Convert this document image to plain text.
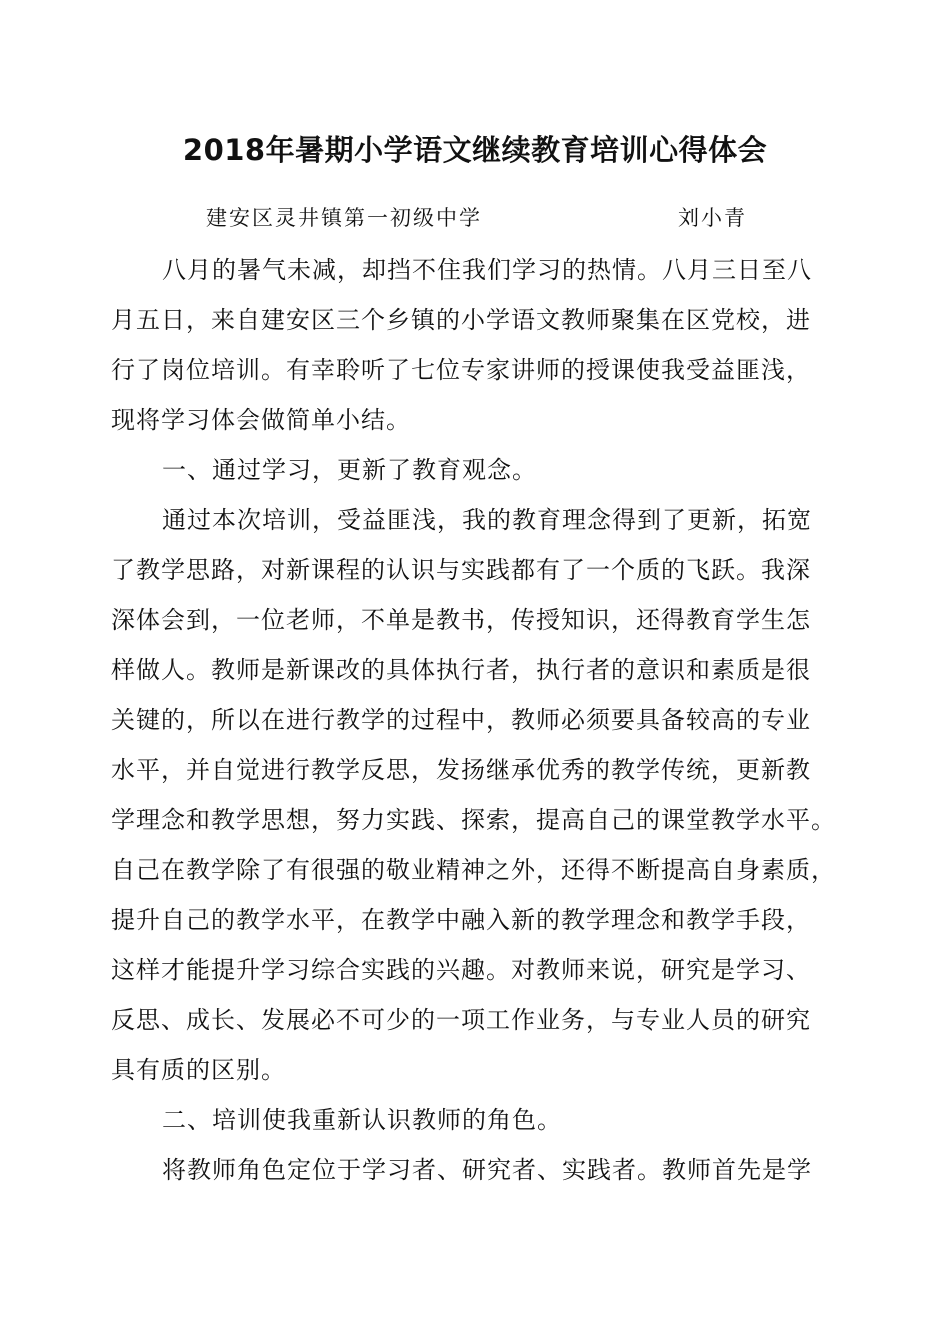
2018年暑期小学语文继续教育培训心得体会
建安区灵井镇第一初级中学	刘小青
八月的暑气未减，却挡不住我们学习的热情。八月三日至八
月五日，来自建安区三个乡镇的小学语文教师聚集在区党校，进
行了岗位培训。有幸聆听了七位专家讲师的授课使我受益匪浅，
现将学习体会做简单小结。
一、通过学习，更新了教育观念。
通过本次培训，受益匪浅，我的教育理念得到了更新，拓宽
了教学思路，对新课程的认识与实践都有了一个质的飞跃。我深
深体会到，一位老师，不单是教书，传授知识，还得教育学生怎
样做人。教师是新课改的具体执行者，执行者的意识和素质是很
关键的，所以在进行教学的过程中，教师必须要具备较高的专业
水平，并自觉进行教学反思，发扬继承优秀的教学传统，更新教
学理念和教学思想，努力实践、探索，提高自己的课堂教学水平。
自己在教学除了有很强的敬业精神之外，还得不断提高自身素质，
提升自己的教学水平，在教学中融入新的教学理念和教学手段，
这样才能提升学习综合实践的兴趣。对教师来说，研究是学习、
反思、成长、发展必不可少的一项工作业务，与专业人员的研究
具有质的区别。
二、培训使我重新认识教师的角色。
将教师角色定位于学习者、研究者、实践者。教师首先是学
